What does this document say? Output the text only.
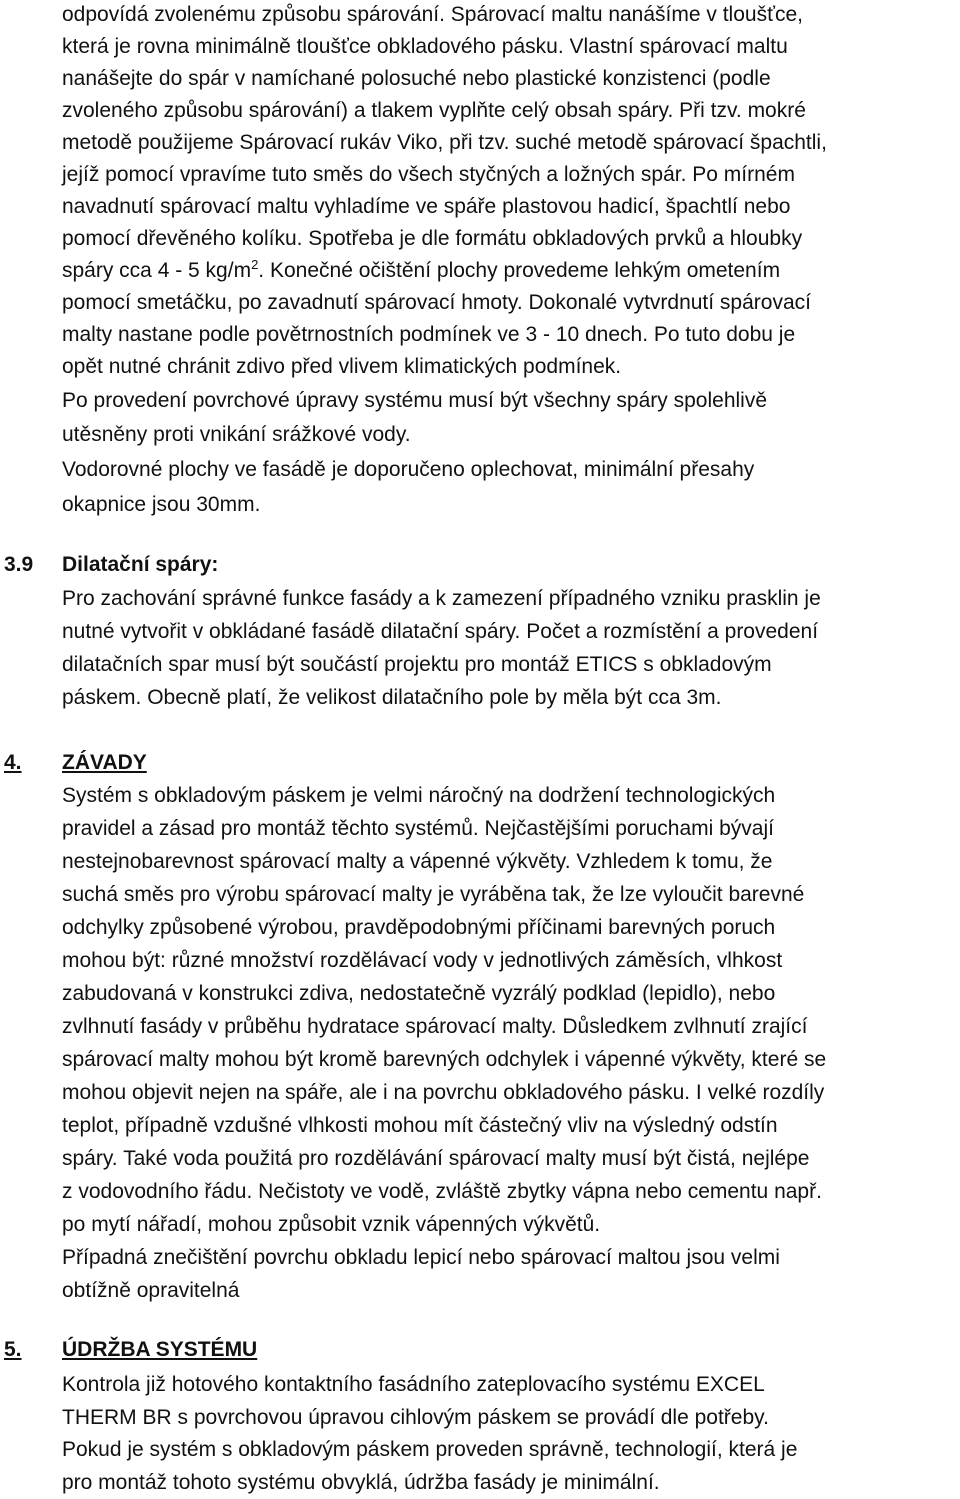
odpovídá zvolenému způsobu spárování. Spárovací maltu nanášíme v tloušťce,
která je rovna minimálně tloušťce obkladového pásku. Vlastní spárovací maltu
nanášejte do spár v namíchané polosuché nebo plastické konzistenci (podle
zvoleného způsobu spárování) a tlakem vyplňte celý obsah spáry. Při tzv. mokré
metodě použijeme Spárovací rukáv Viko, při tzv. suché metodě spárovací špachtli,
jejíž pomocí vpravíme tuto směs do všech styčných a ložných spár. Po mírném
navadnutí spárovací maltu vyhladíme ve spáře plastovou hadicí, špachtlí nebo
pomocí dřevěného kolíku. Spotřeba je dle formátu obkladových prvků a hloubky
spáry cca 4 - 5 $kg/m^2$. Konečné očištění plochy provedeme lehkým ometením
pomocí smetáčku, po zavadnutí spárovací hmoty. Dokonalé vytvrdnutí spárovací
malty nastane podle povětrnostních podmínek ve 3 - 10 dnech. Po tuto dobu je
opět nutné chránit zdivo před vlivem klimatických podmínek.
Po provedení povrchové úpravy systému musí být všechny spáry spolehlivě
utěsněny proti vnikání srážkové vody.
Vodorovné plochy ve fasádě je doporučeno oplechovat, minimální přesahy
okapnice jsou 30mm.
3.9 Dilatační spáry:
Pro zachování správné funkce fasády a k zamezení případného vzniku prasklin je
nutné vytvořit v obkládané fasádě dilatační spáry. Počet a rozmístění a provedení
dilatačních spar musí být součástí projektu pro montáž ETICS s obkladovým
páskem. Obecně platí, že velikost dilatačního pole by měla být cca 3m.
4. ZÁVADY
Systém s obkladovým páskem je velmi náročný na dodržení technologických
pravidel a zásad pro montáž těchto systémů. Nejčastějšími poruchami bývají
nestejnobarevnost spárovací malty a vápenné výkvěty. Vzhledem k tomu, že
suchá směs pro výrobu spárovací malty je vyráběna tak, že lze vyloučit barevné
odchylky způsobené výrobou, pravděpodobnými příčinami barevných poruch
mohou být: různé množství rozdělávací vody v jednotlivých záměsích, vlhkost
zabudovaná v konstrukci zdiva, nedostatečně vyzrálý podklad (lepidlo), nebo
zvlhnutí fasády v průběhu hydratace spárovací malty. Důsledkem zvlhnutí zrající
spárovací malty mohou být kromě barevných odchylek i vápenné výkvěty, které se
mohou objevit nejen na spáře, ale i na povrchu obkladového pásku. I velké rozdíly
teplot, případně vzdušné vlhkosti mohou mít částečný vliv na výsledný odstín
spáry. Také voda použitá pro rozdělávání spárovací malty musí být čistá, nejlépe
z vodovodního řádu. Nečistoty ve vodě, zvláště zbytky vápna nebo cementu např.
po mytí nářadí, mohou způsobit vznik vápenných výkvětů.
Případná znečištění povrchu obkladu lepicí nebo spárovací maltou jsou velmi
obtížně opravitelná
5. ÚDRŽBA SYSTÉMU
Kontrola již hotového kontaktního fasádního zateplovacího systému EXCEL
THERM BR s povrchovou úpravou cihlovým páskem se provádí dle potřeby.
Pokud je systém s obkladovým páskem proveden správně, technologií, která je
pro montáž tohoto systému obvyklá, údržba fasády je minimální.
